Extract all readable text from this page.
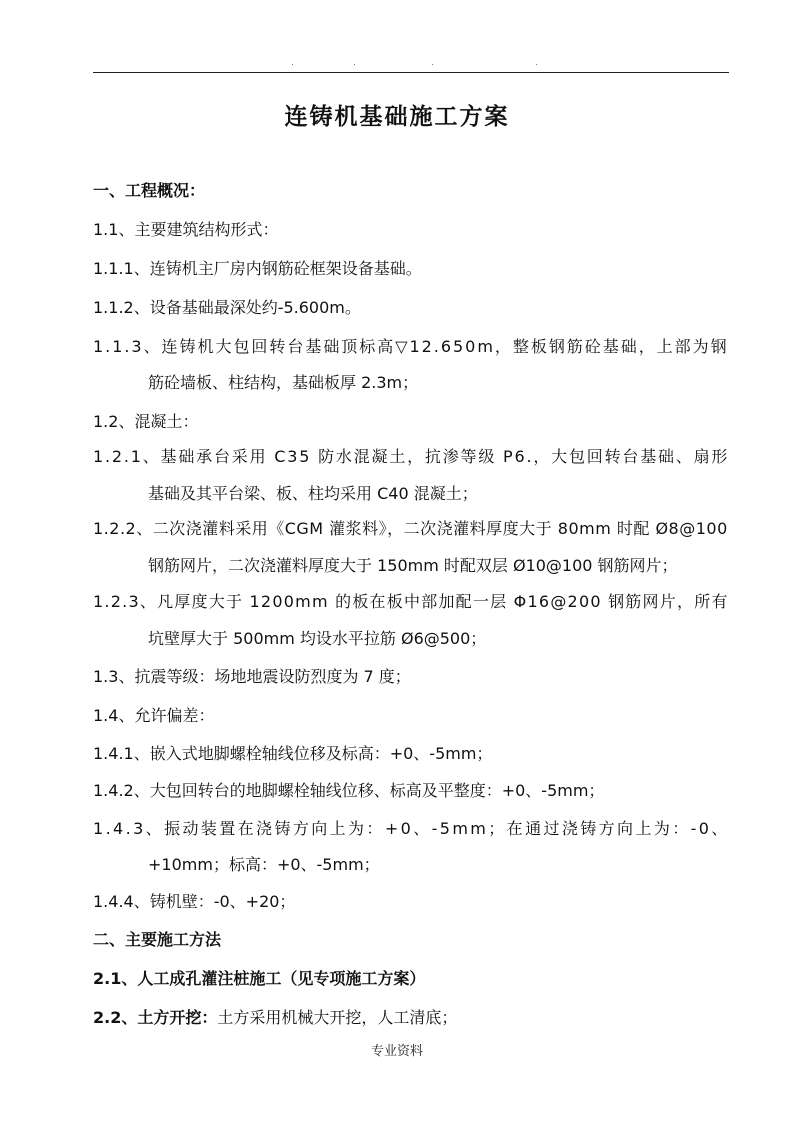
.	.	.	.
连铸机基础施工方案
一、工程概况：
1.1、主要建筑结构形式：
1.1.1、连铸机主厂房内钢筋砼框架设备基础。
1.1.2、设备基础最深处约-5.600m。
1.1.3、连铸机大包回转台基础顶标高▽12.650m，整板钢筋砼基础，上部为钢
筋砼墙板、柱结构，基础板厚 2.3m；
1.2、混凝土：
1.2.1、基础承台采用 C35 防水混凝土，抗渗等级 P6.，大包回转台基础、扇形
基础及其平台梁、板、柱均采用 C40 混凝土；
1.2.2、二次浇灌料采用《CGM 灌浆料》，二次浇灌料厚度大于 80mm 时配 Ø8@100
钢筋网片，二次浇灌料厚度大于 150mm 时配双层 Ø10@100 钢筋网片；
1.2.3、凡厚度大于 1200mm 的板在板中部加配一层 Φ16@200 钢筋网片，所有
坑壁厚大于 500mm 均设水平拉筋 Ø6@500；
1.3、抗震等级：场地地震设防烈度为 7 度；
1.4、允许偏差：
1.4.1、嵌入式地脚螺栓轴线位移及标高：+0、-5mm；
1.4.2、大包回转台的地脚螺栓轴线位移、标高及平整度：+0、-5mm；
1.4.3、振动装置在浇铸方向上为：+0、-5mm；在通过浇铸方向上为：-0、
+10mm；标高：+0、-5mm；
1.4.4、铸机壁：-0、+20；
二、主要施工方法
2.1、人工成孔灌注桩施工（见专项施工方案）
2.2、土方开挖：土方采用机械大开挖，人工清底；
专业资料
